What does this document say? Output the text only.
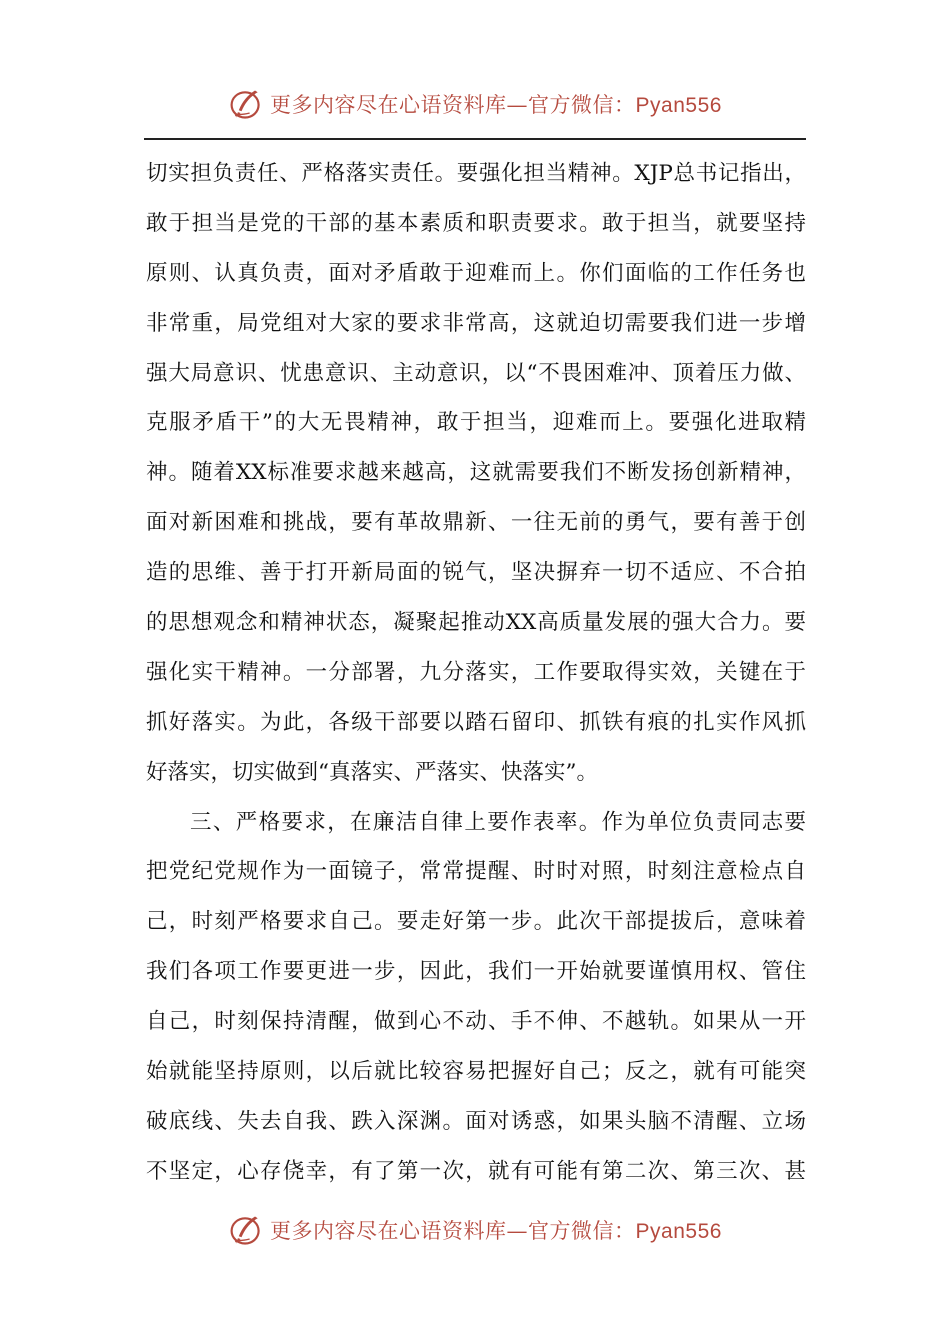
更多内容尽在心语资料库—官方微信：Pyan556
切实担负责任、严格落实责任。要强化担当精神。XJP总书记指出，
敢于担当是党的干部的基本素质和职责要求。敢于担当，就要坚持
原则、认真负责，面对矛盾敢于迎难而上。你们面临的工作任务也
非常重，局党组对大家的要求非常高，这就迫切需要我们进一步增
强大局意识、忧患意识、主动意识，以“不畏困难冲、顶着压力做、
克服矛盾干”的大无畏精神，敢于担当，迎难而上。要强化进取精
神。随着XX标准要求越来越高，这就需要我们不断发扬创新精神，
面对新困难和挑战，要有革故鼎新、一往无前的勇气，要有善于创
造的思维、善于打开新局面的锐气，坚决摒弃一切不适应、不合拍
的思想观念和精神状态，凝聚起推动XX高质量发展的强大合力。要
强化实干精神。一分部署，九分落实，工作要取得实效，关键在于
抓好落实。为此，各级干部要以踏石留印、抓铁有痕的扎实作风抓
好落实，切实做到“真落实、严落实、快落实”。
三、严格要求，在廉洁自律上要作表率。作为单位负责同志要
把党纪党规作为一面镜子，常常提醒、时时对照，时刻注意检点自
己，时刻严格要求自己。要走好第一步。此次干部提拔后，意味着
我们各项工作要更进一步，因此，我们一开始就要谨慎用权、管住
自己，时刻保持清醒，做到心不动、手不伸、不越轨。如果从一开
始就能坚持原则，以后就比较容易把握好自己；反之，就有可能突
破底线、失去自我、跌入深渊。面对诱惑，如果头脑不清醒、立场
不坚定，心存侥幸，有了第一次，就有可能有第二次、第三次、甚
更多内容尽在心语资料库—官方微信：Pyan556
